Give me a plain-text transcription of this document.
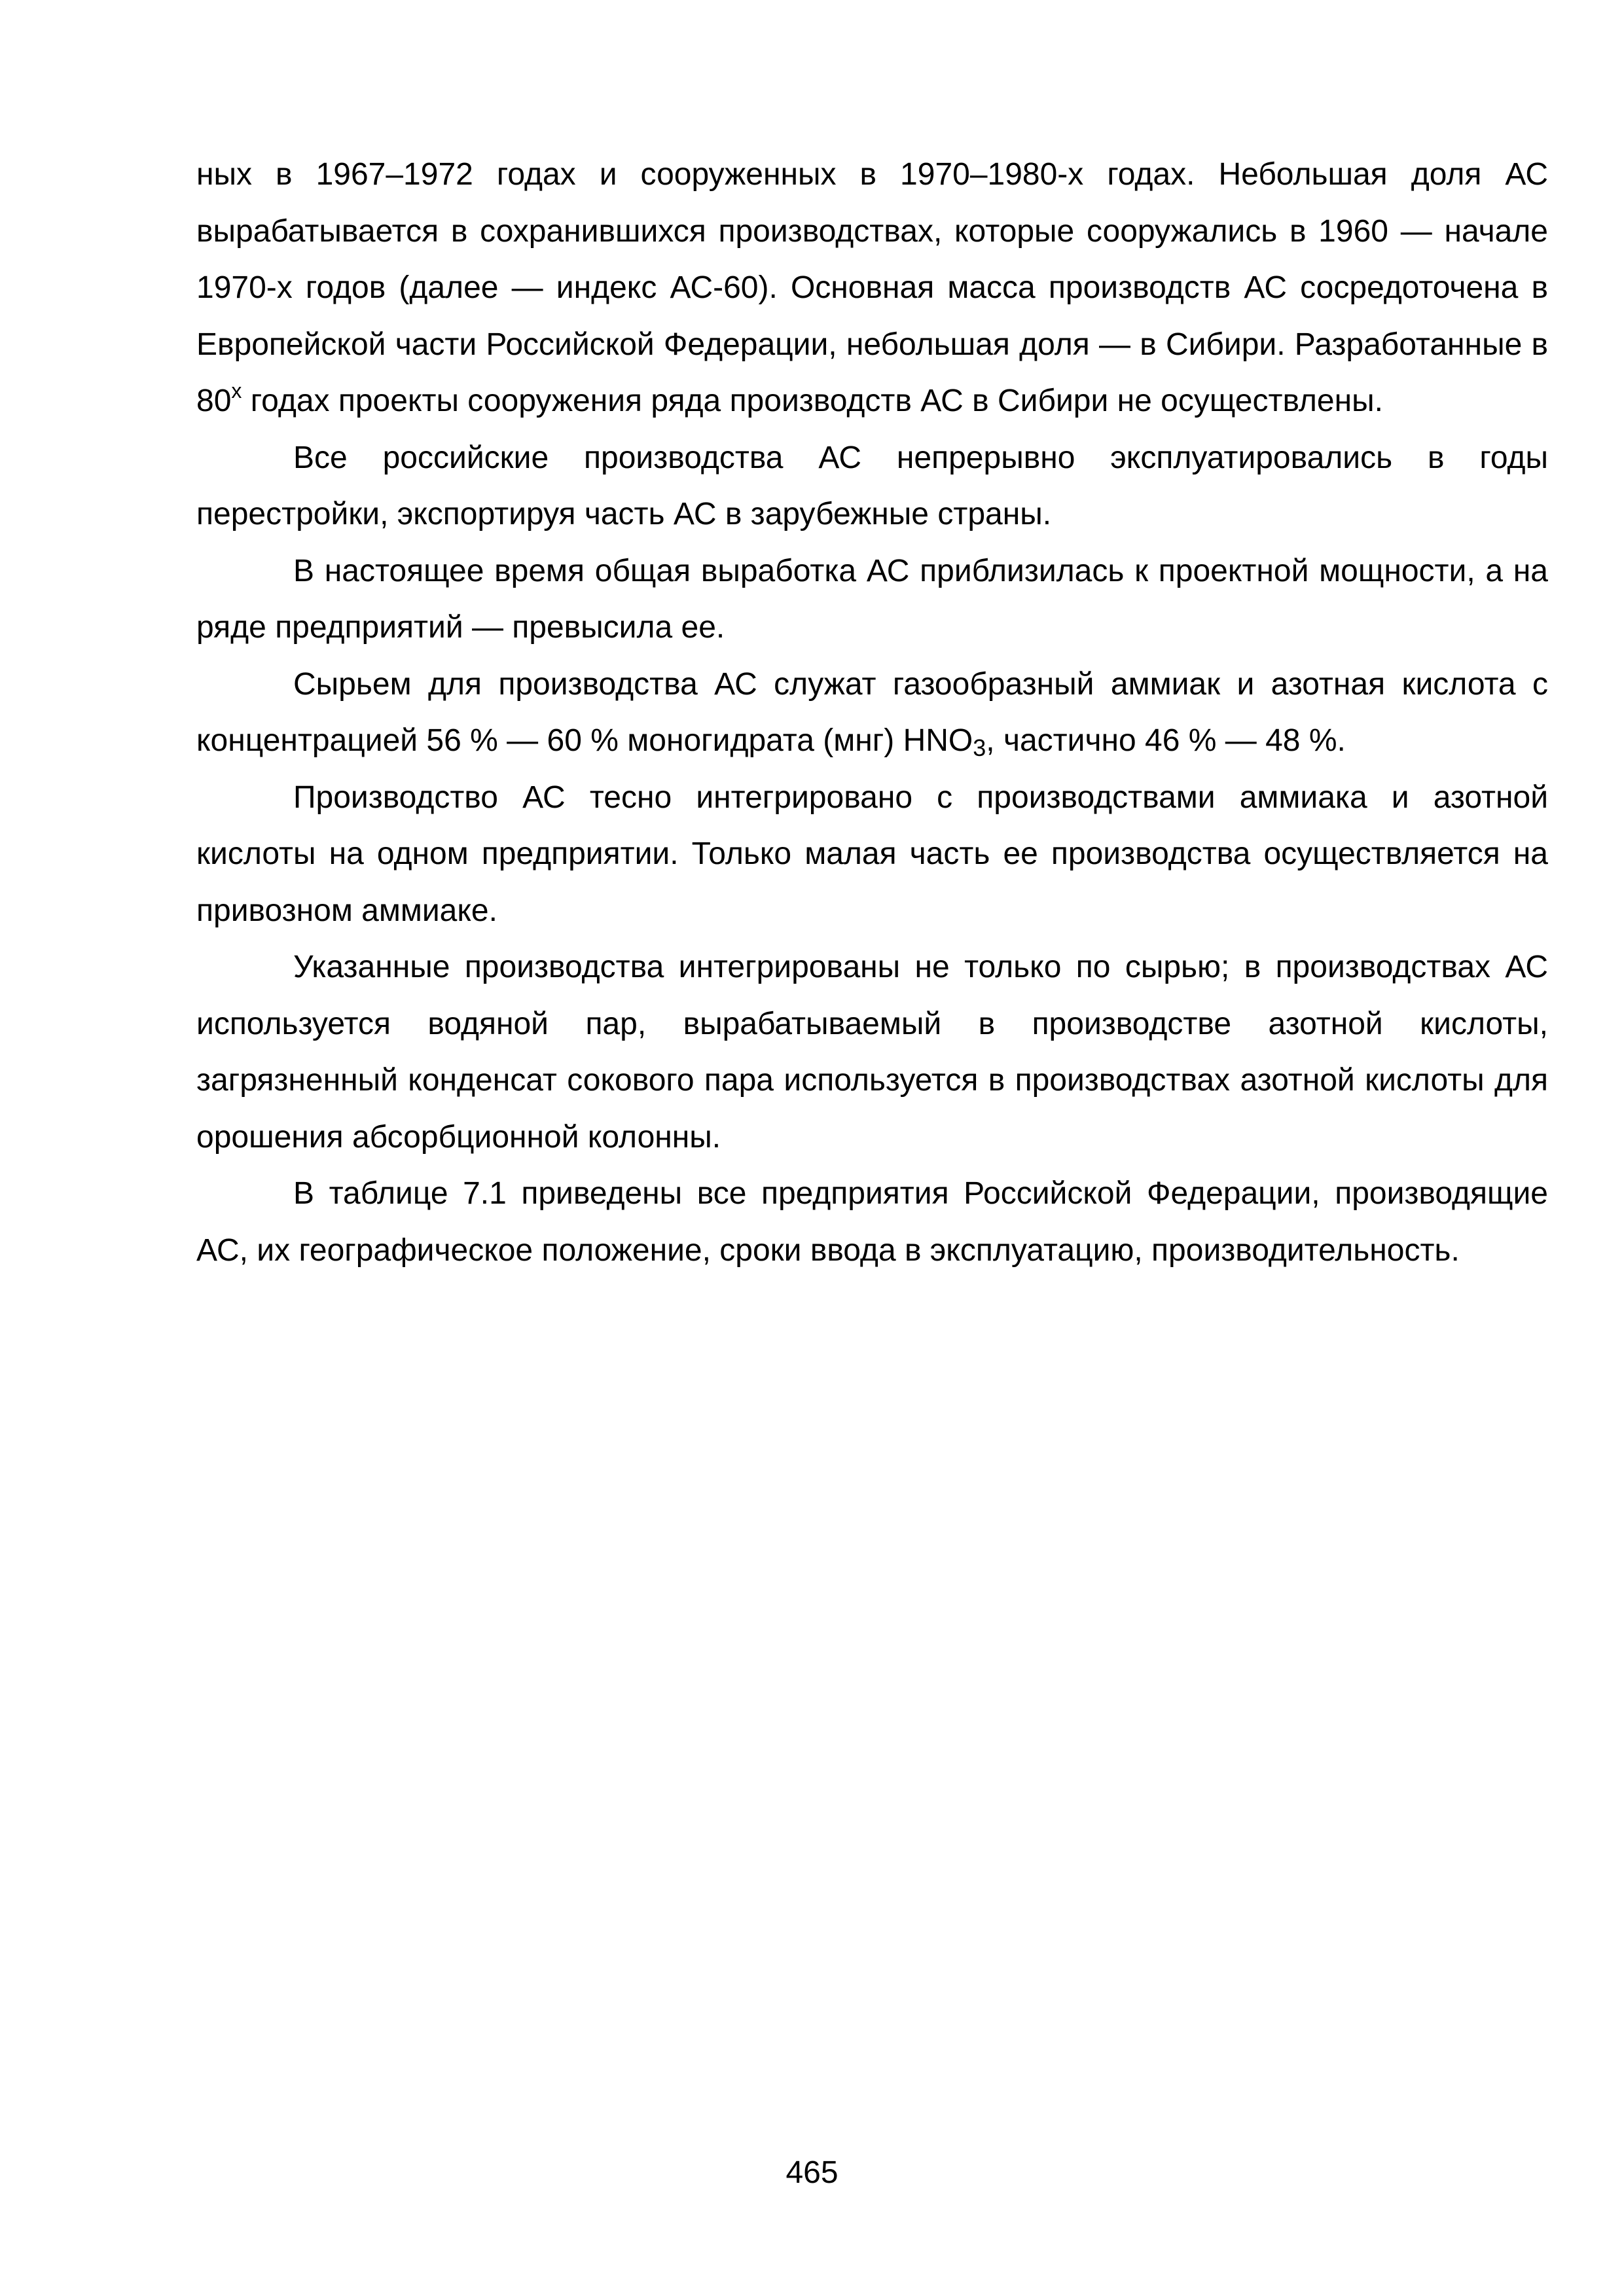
ных в 1967–1972 годах и сооруженных в 1970–1980-х годах. Небольшая доля АС вырабатывается в сохранившихся производствах, которые сооружались в 1960 — начале 1970-х годов (далее — индекс АС-60). Основная масса производств АС сосредоточена в Европейской части Российской Федерации, небольшая доля — в Сибири. Разработанные в $80^х$ годах проекты сооружения ряда производств АС в Сибири не осуществлены.

Все российские производства АС непрерывно эксплуатировались в годы перестройки, экспортируя часть АС в зарубежные страны.

В настоящее время общая выработка АС приблизилась к проектной мощности, а на ряде предприятий — превысила ее.

Сырьем для производства АС служат газообразный аммиак и азотная кислота с концентрацией 56 % — 60 % моногидрата (мнг) $HNO_3$, частично 46 % — 48 %.

Производство АС тесно интегрировано с производствами аммиака и азотной кислоты на одном предприятии. Только малая часть ее производства осуществляется на привозном аммиаке.

Указанные производства интегрированы не только по сырью; в производствах АС используется водяной пар, вырабатываемый в производстве азотной кислоты, загрязненный конденсат сокового пара используется в производствах азотной кислоты для орошения абсорбционной колонны.

В таблице 7.1 приведены все предприятия Российской Федерации, производящие АС, их географическое положение, сроки ввода в эксплуатацию, производительность.

465
